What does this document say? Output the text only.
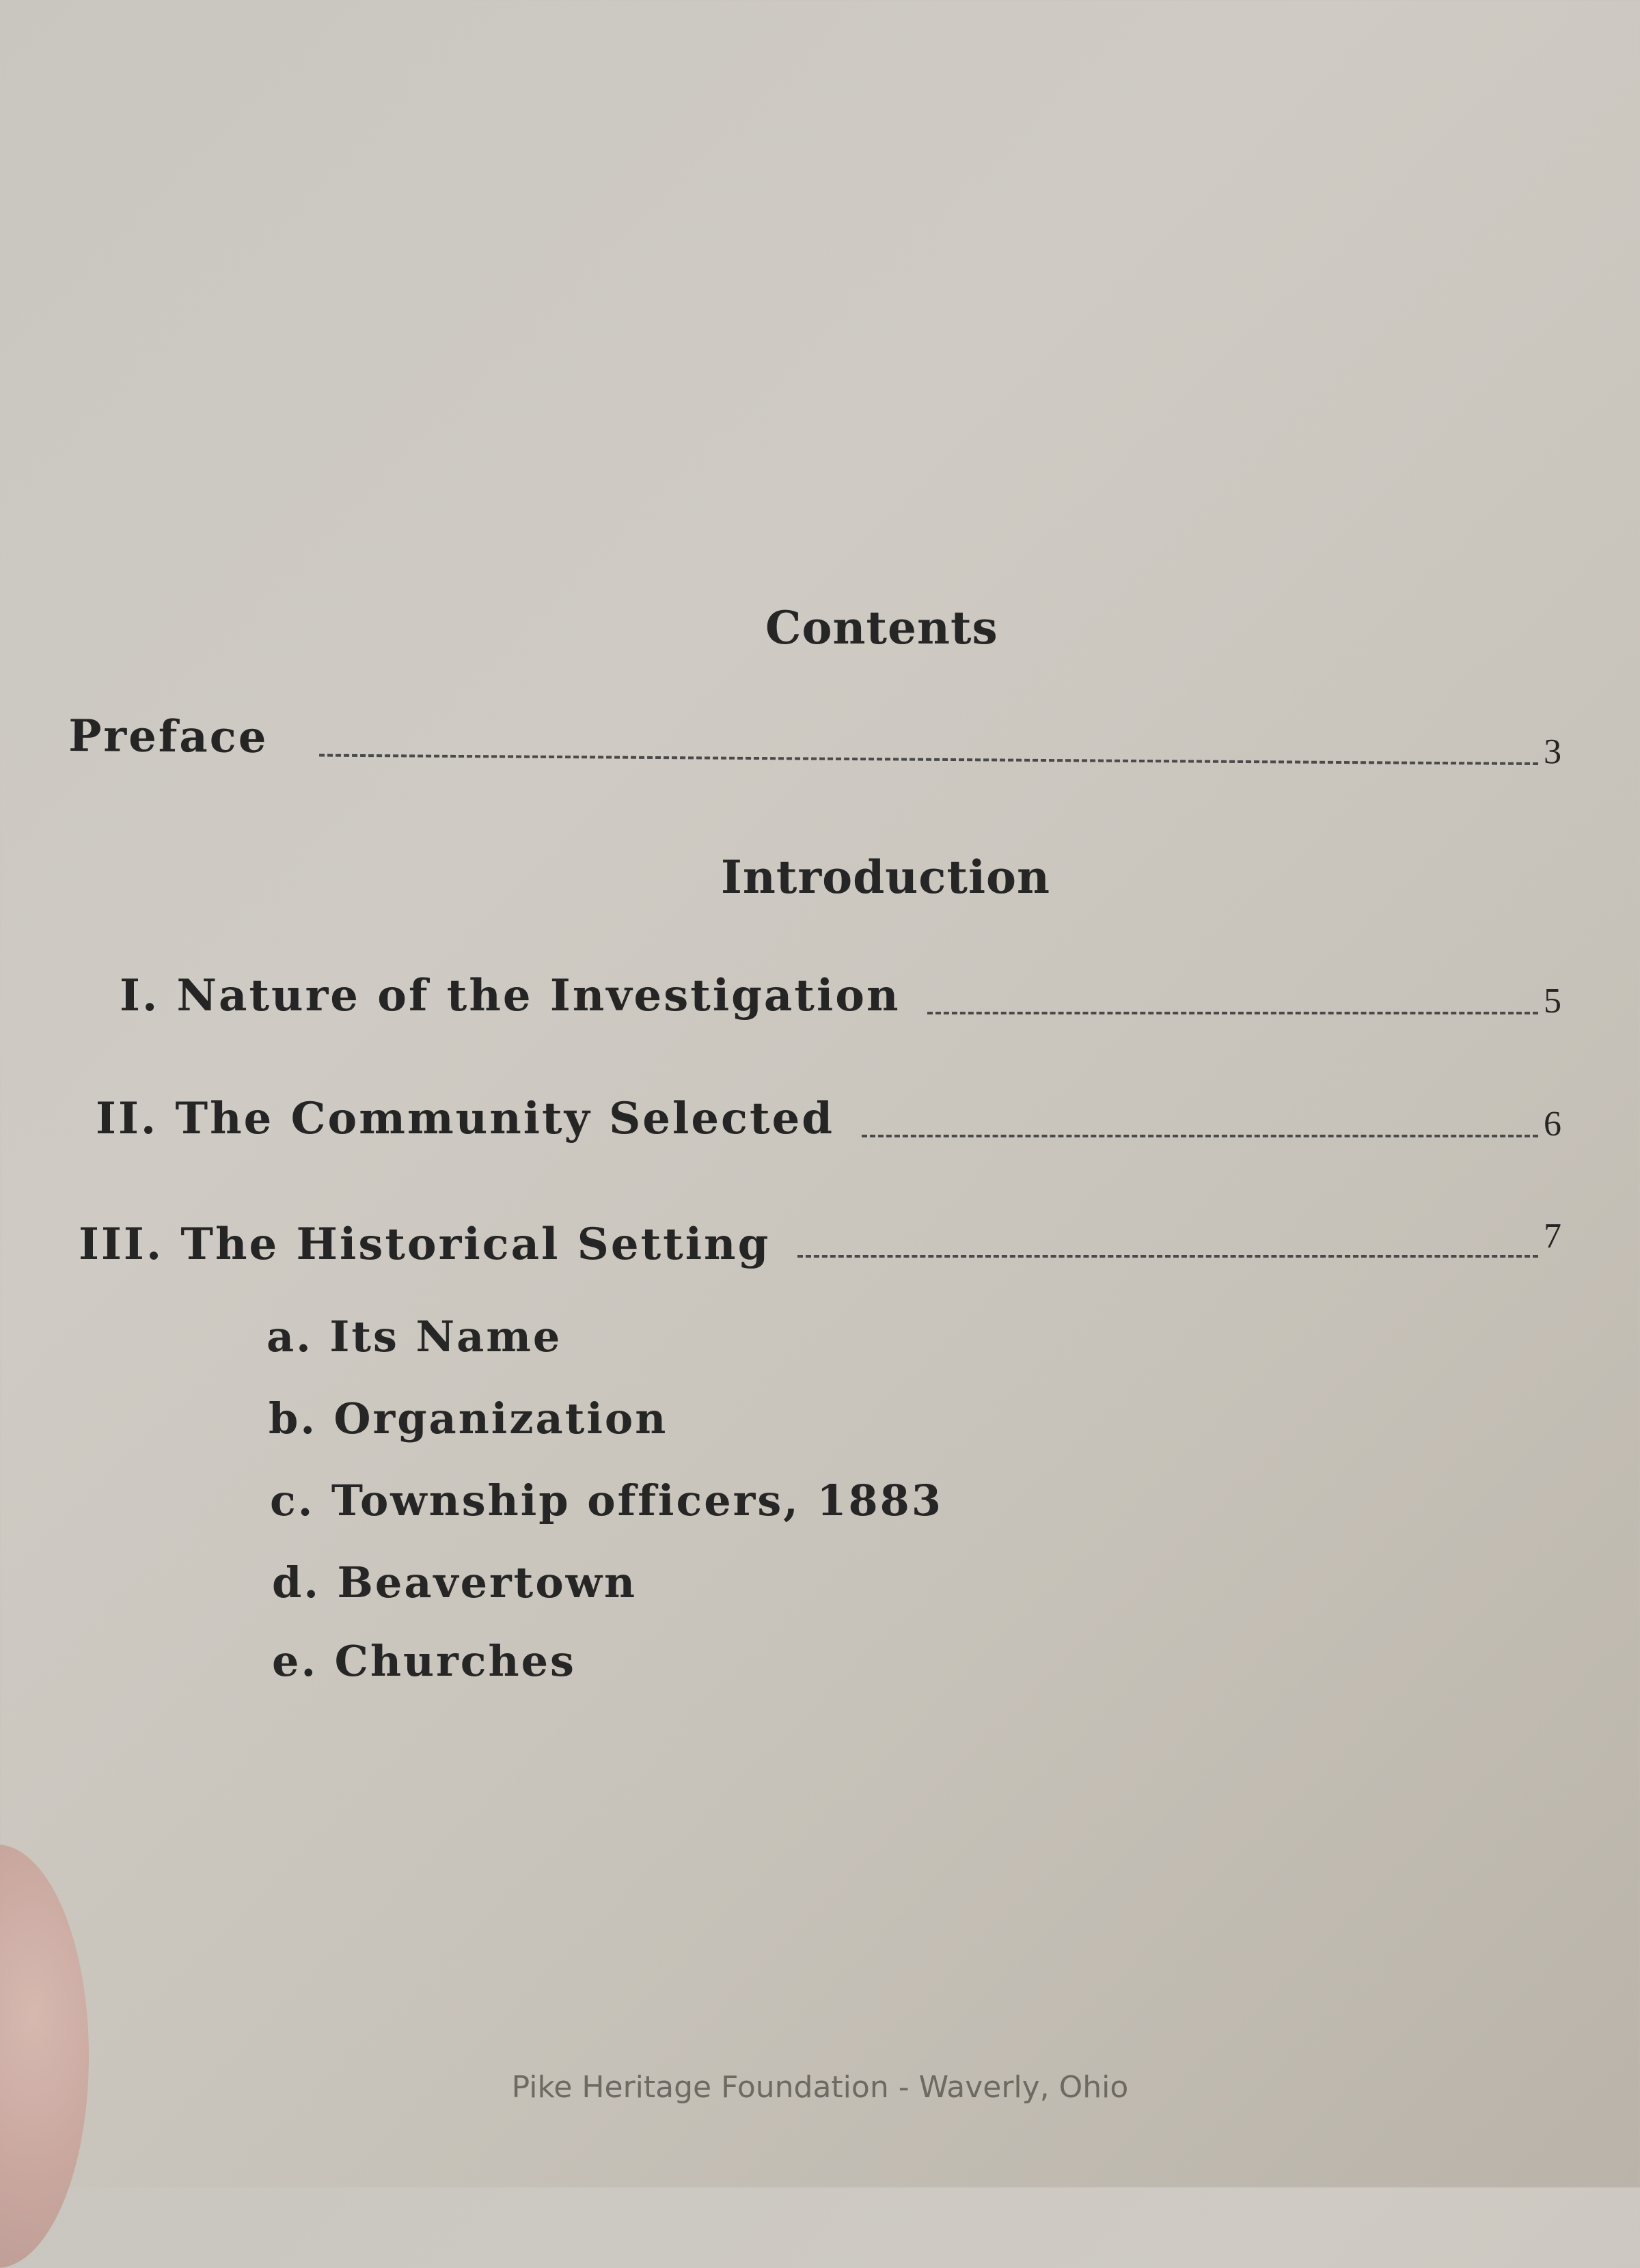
Contents
Preface	3
Introduction
I. Nature of the Investigation	5
II. The Community Selected	6
III. The Historical Setting	7
a. Its Name
b. Organization
c. Township officers, 1883
d. Beavertown
e. Churches
Pike Heritage Foundation - Waverly, Ohio
